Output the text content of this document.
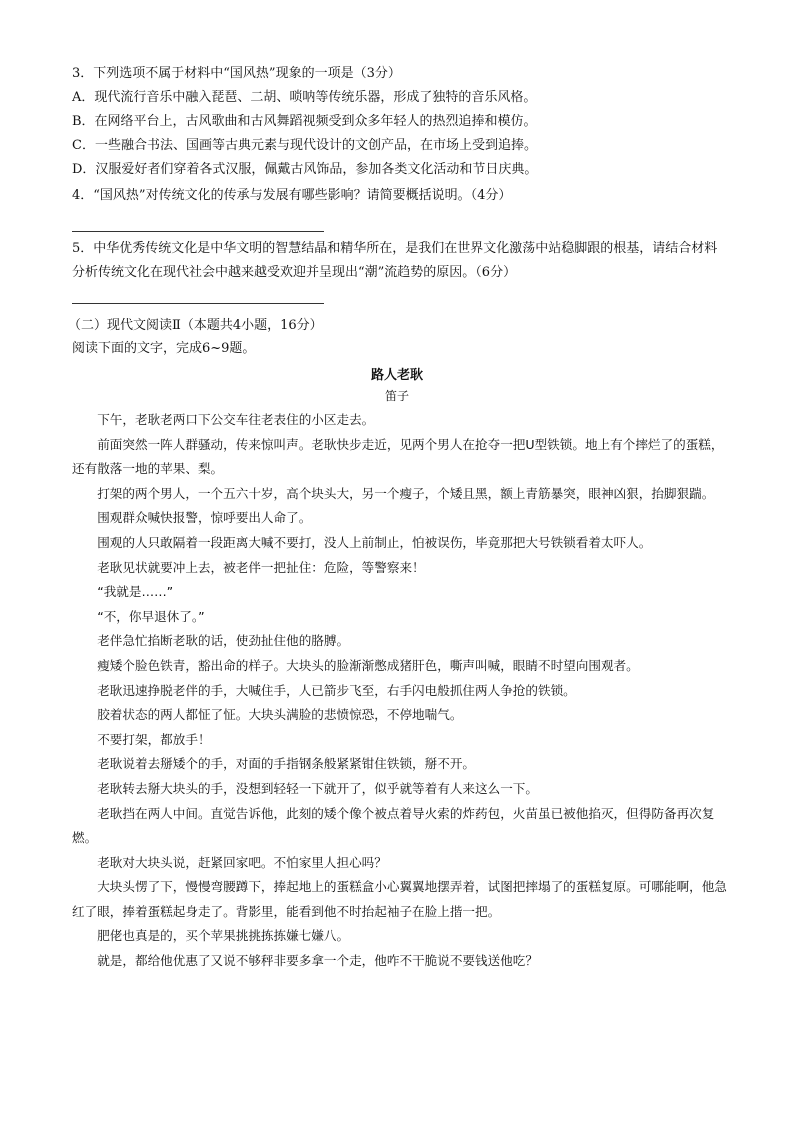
3．下列选项不属于材料中“国风热”现象的一项是（3分）
A．现代流行音乐中融入琵琶、二胡、唢呐等传统乐器，形成了独特的音乐风格。
B．在网络平台上，古风歌曲和古风舞蹈视频受到众多年轻人的热烈追捧和模仿。
C．一些融合书法、国画等古典元素与现代设计的文创产品，在市场上受到追捧。
D．汉服爱好者们穿着各式汉服，佩戴古风饰品，参加各类文化活动和节日庆典。
4．“国风热”对传统文化的传承与发展有哪些影响？请简要概括说明。（4分）
5．中华优秀传统文化是中华文明的智慧结晶和精华所在，是我们在世界文化激荡中站稳脚跟的根基，请结合材料分析传统文化在现代社会中越来越受欢迎并呈现出“潮”流趋势的原因。（6分）
（二）现代文阅读Ⅱ（本题共4小题，16分）
阅读下面的文字，完成6~9题。
路人老耿
笛子

下午，老耿老两口下公交车往老表住的小区走去。

前面突然一阵人群骚动，传来惊叫声。老耿快步走近，见两个男人在抢夺一把U型铁锁。地上有个摔烂了的蛋糕，还有散落一地的苹果、梨。

打架的两个男人，一个五六十岁，高个块头大，另一个瘦子，个矮且黑，额上青筋暴突，眼神凶狠，抬脚狠踹。

围观群众喊快报警，惊呼要出人命了。

围观的人只敢隔着一段距离大喊不要打，没人上前制止，怕被误伤，毕竟那把大号铁锁看着太吓人。

老耿见状就要冲上去，被老伴一把扯住：危险，等警察来！

“我就是……”

“不，你早退休了。”

老伴急忙掐断老耿的话，使劲扯住他的胳膊。

瘦矮个脸色铁青，豁出命的样子。大块头的脸渐渐憋成猪肝色，嘶声叫喊，眼睛不时望向围观者。

老耿迅速挣脱老伴的手，大喊住手，人已箭步飞至，右手闪电般抓住两人争抢的铁锁。

胶着状态的两人都怔了怔。大块头满脸的悲愤惊恐，不停地喘气。

不要打架，都放手！

老耿说着去掰矮个的手，对面的手指钢条般紧紧钳住铁锁，掰不开。

老耿转去掰大块头的手，没想到轻轻一下就开了，似乎就等着有人来这么一下。

老耿挡在两人中间。直觉告诉他，此刻的矮个像个被点着导火索的炸药包，火苗虽已被他掐灭，但得防备再次复燃。

老耿对大块头说，赶紧回家吧。不怕家里人担心吗？

大块头愣了下，慢慢弯腰蹲下，捧起地上的蛋糕盒小心翼翼地摆弄着，试图把摔塌了的蛋糕复原。可哪能啊，他急红了眼，捧着蛋糕起身走了。背影里，能看到他不时抬起袖子在脸上揩一把。

肥佬也真是的，买个苹果挑挑拣拣嫌七嫌八。

就是，都给他优惠了又说不够秤非要多拿一个走，他咋不干脆说不要钱送他吃？
